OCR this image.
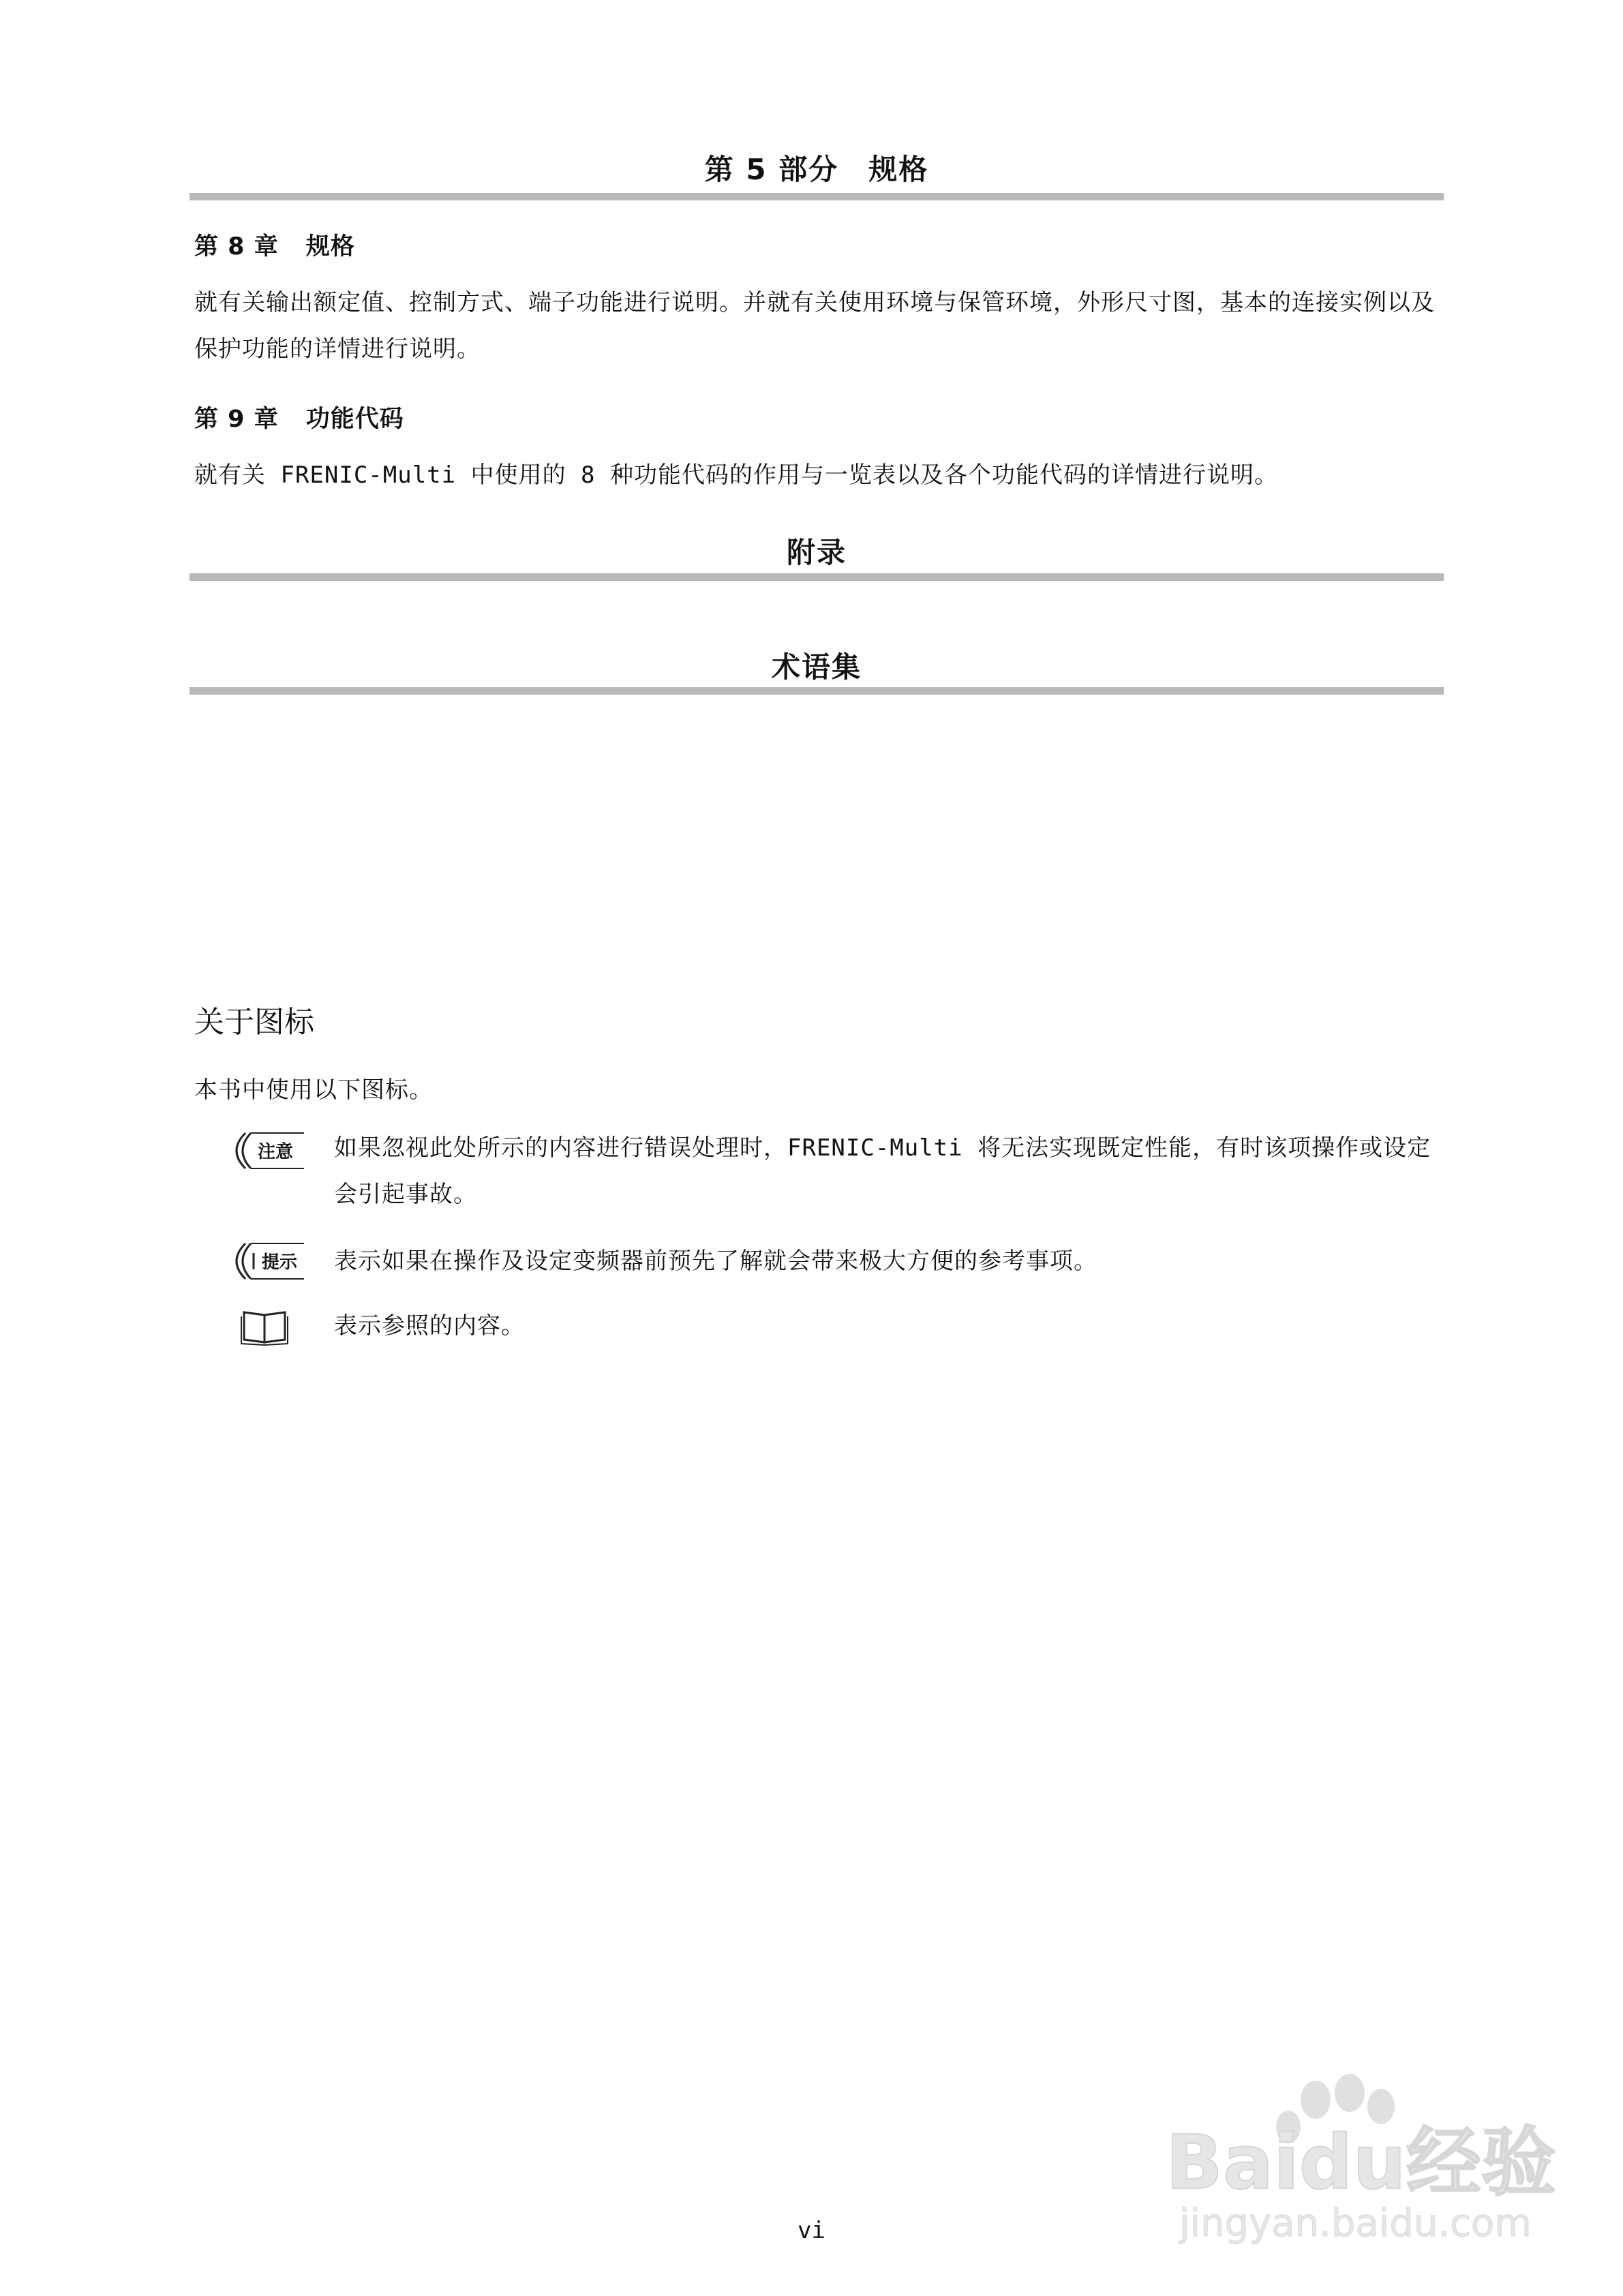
第 5 部分　规格
第 8 章 规格
就有关输出额定值、控制方式、端子功能进行说明。并就有关使用环境与保管环境，外形尺寸图，基本的连接实例以及保护功能的详情进行说明。
第 9 章 功能代码
就有关 FRENIC-Multi 中使用的 8 种功能代码的作用与一览表以及各个功能代码的详情进行说明。
附录
术语集
关于图标
本书中使用以下图标。
注意 如果忽视此处所示的内容进行错误处理时，FRENIC-Multi 将无法实现既定性能，有时该项操作或设定会引起事故。
提示 表示如果在操作及设定变频器前预先了解就会带来极大方便的参考事项。
表示参照的内容。
vi
Baidu经验
jingyan.baidu.com
